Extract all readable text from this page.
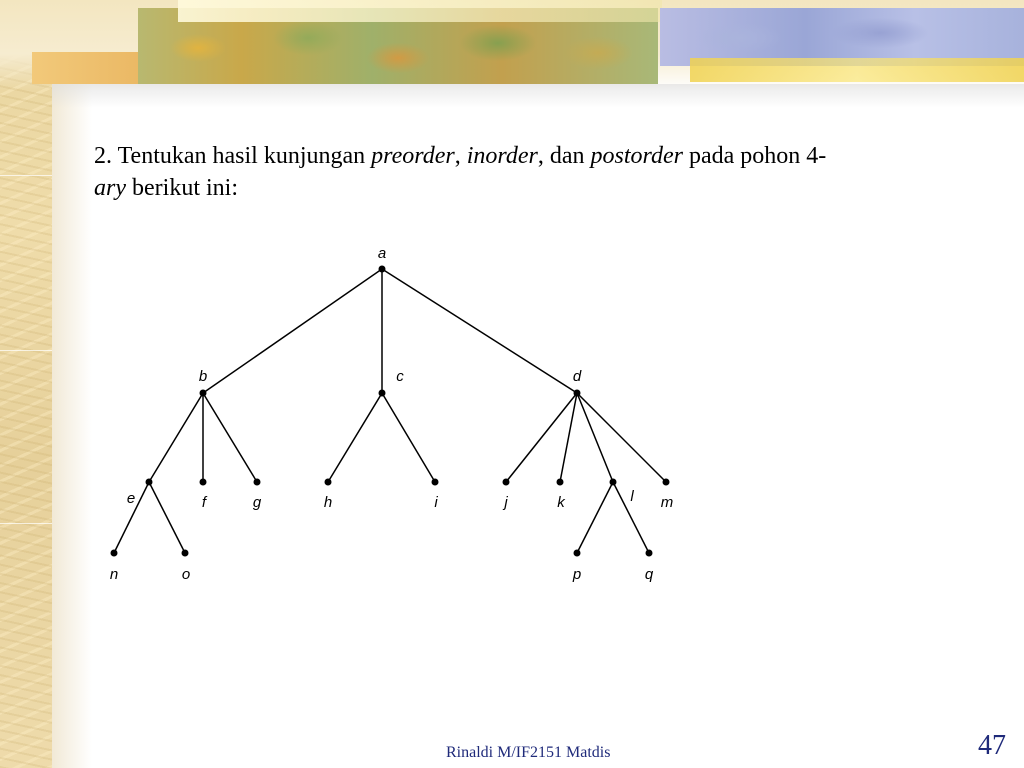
2. Tentukan hasil kunjungan preorder, inorder, dan postorder pada pohon 4-
ary berikut ini:

a
b	c	d
e	f	g	h	i	j	k	l m
n	o	p	q
Rinaldi M/IF2151 Matdis	47
